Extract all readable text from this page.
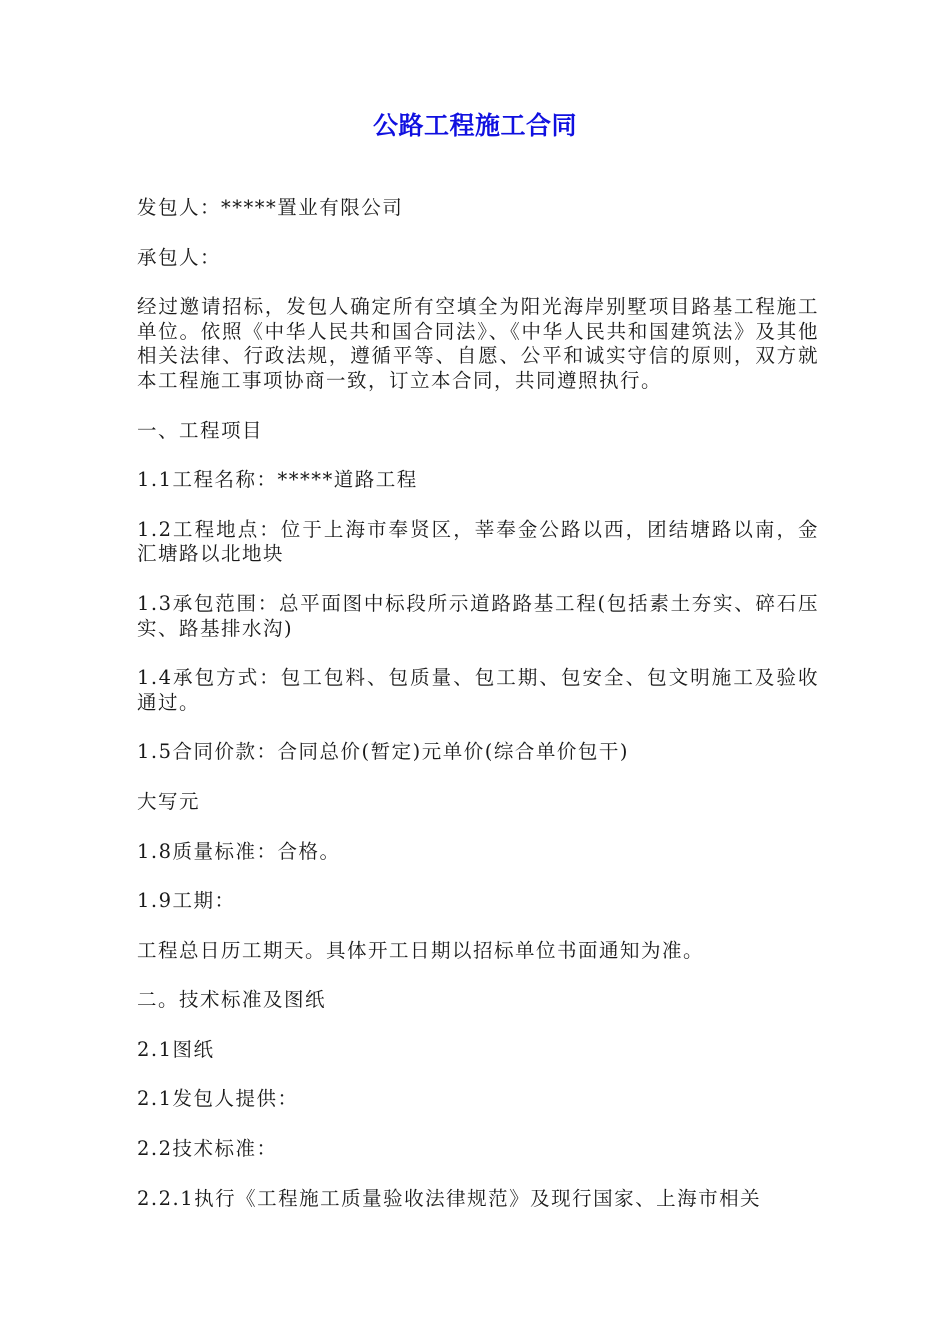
公路工程施工合同

发包人：*****置业有限公司

承包人：

经过邀请招标，发包人确定所有空填全为阳光海岸别墅项目路基工程施工单位。依照《中华人民共和国合同法》、《中华人民共和国建筑法》及其他相关法律、行政法规，遵循平等、自愿、公平和诚实守信的原则，双方就本工程施工事项协商一致，订立本合同，共同遵照执行。

一、工程项目

1.1工程名称：*****道路工程

1.2工程地点：位于上海市奉贤区，莘奉金公路以西，团结塘路以南，金汇塘路以北地块

1.3承包范围：总平面图中标段所示道路路基工程(包括素土夯实、碎石压实、路基排水沟)

1.4承包方式：包工包料、包质量、包工期、包安全、包文明施工及验收通过。

1.5合同价款：合同总价(暂定)元单价(综合单价包干)

大写元

1.8质量标准：合格。

1.9工期：

工程总日历工期天。具体开工日期以招标单位书面通知为准。

二。技术标准及图纸

2.1图纸

2.1发包人提供：

2.2技术标准：

2.2.1执行《工程施工质量验收法律规范》及现行国家、上海市相关
